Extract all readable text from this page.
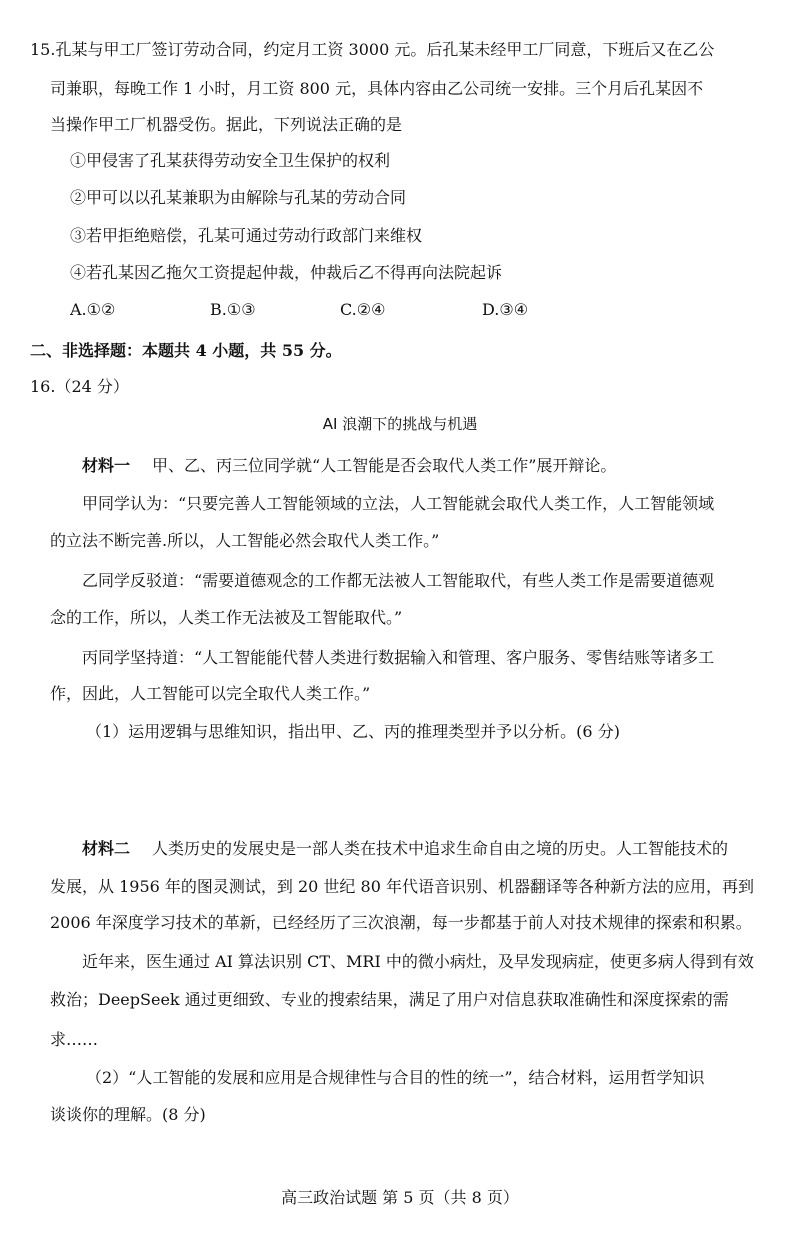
15.孔某与甲工厂签订劳动合同，约定月工资 3000 元。后孔某未经甲工厂同意，下班后又在乙公
司兼职，每晚工作 1 小时，月工资 800 元，具体内容由乙公司统一安排。三个月后孔某因不
当操作甲工厂机器受伤。据此，下列说法正确的是
①甲侵害了孔某获得劳动安全卫生保护的权利
②甲可以以孔某兼职为由解除与孔某的劳动合同
③若甲拒绝赔偿，孔某可通过劳动行政部门来维权
④若孔某因乙拖欠工资提起仲裁，仲裁后乙不得再向法院起诉
A.①②	B.①③	C.②④	D.③④
二、非选择题：本题共 4 小题，共 55 分。
16.（24 分）
AI 浪潮下的挑战与机遇
材料一 甲、乙、丙三位同学就“人工智能是否会取代人类工作”展开辩论。
甲同学认为：“只要完善人工智能领域的立法，人工智能就会取代人类工作，人工智能领域
的立法不断完善.所以，人工智能必然会取代人类工作。”
乙同学反驳道：“需要道德观念的工作都无法被人工智能取代，有些人类工作是需要道德观
念的工作，所以，人类工作无法被及工智能取代。”
丙同学坚持道：“人工智能能代替人类进行数据输入和管理、客户服务、零售结账等诸多工
作，因此，人工智能可以完全取代人类工作。”
（1）运用逻辑与思维知识，指出甲、乙、丙的推理类型并予以分析。(6 分)
材料二 人类历史的发展史是一部人类在技术中追求生命自由之境的历史。人工智能技术的
发展，从 1956 年的图灵测试，到 20 世纪 80 年代语音识别、机器翻译等各种新方法的应用，再到
2006 年深度学习技术的革新，已经经历了三次浪潮，每一步都基于前人对技术规律的探索和积累。
近年来，医生通过 AI 算法识别 CT、MRI 中的微小病灶，及早发现病症，使更多病人得到有效
救治；DeepSeek 通过更细致、专业的搜索结果，满足了用户对信息获取准确性和深度探索的需
求……
（2）“人工智能的发展和应用是合规律性与合目的性的统一”，结合材料，运用哲学知识
谈谈你的理解。(8 分)
高三政治试题 第 5 页（共 8 页）
